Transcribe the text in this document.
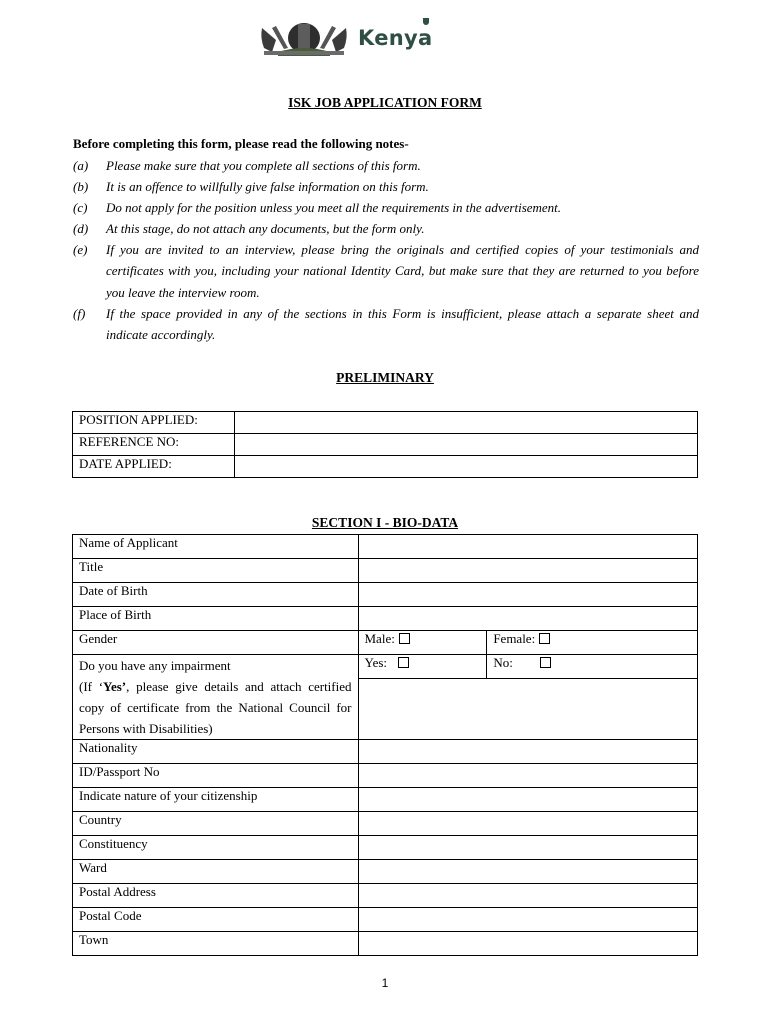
Kenya
ISK JOB APPLICATION FORM
Before completing this form, please read the following notes-
(a)	Please make sure that you complete all sections of this form.
(b)	It is an offence to willfully give false information on this form.
(c)	Do not apply for the position unless you meet all the requirements in the advertisement.
(d)	At this stage, do not attach any documents, but the form only.
(e)	If you are invited to an interview, please bring the originals and certified copies of your testimonials and certificates with you, including your national Identity Card, but make sure that they are returned to you before you leave the interview room.
(f)	If the space provided in any of the sections in this Form is insufficient, please attach a separate sheet and indicate accordingly.
PRELIMINARY
POSITION APPLIED:	
REFERENCE NO:	
DATE APPLIED:	
SECTION I - BIO-DATA
Name of Applicant		
Title		
Date of Birth		
Place of Birth		
Gender	Male:	Female:

Do you have any impairment
(If ‘Yes’, please give details and attach certified copy of certificate from the National Council for Persons with Disabilities)	Yes:	No:

Nationality		
ID/Passport No		
Indicate nature of your citizenship		
Country		
Constituency		
Ward		
Postal Address		
Postal Code		
Town		
1
